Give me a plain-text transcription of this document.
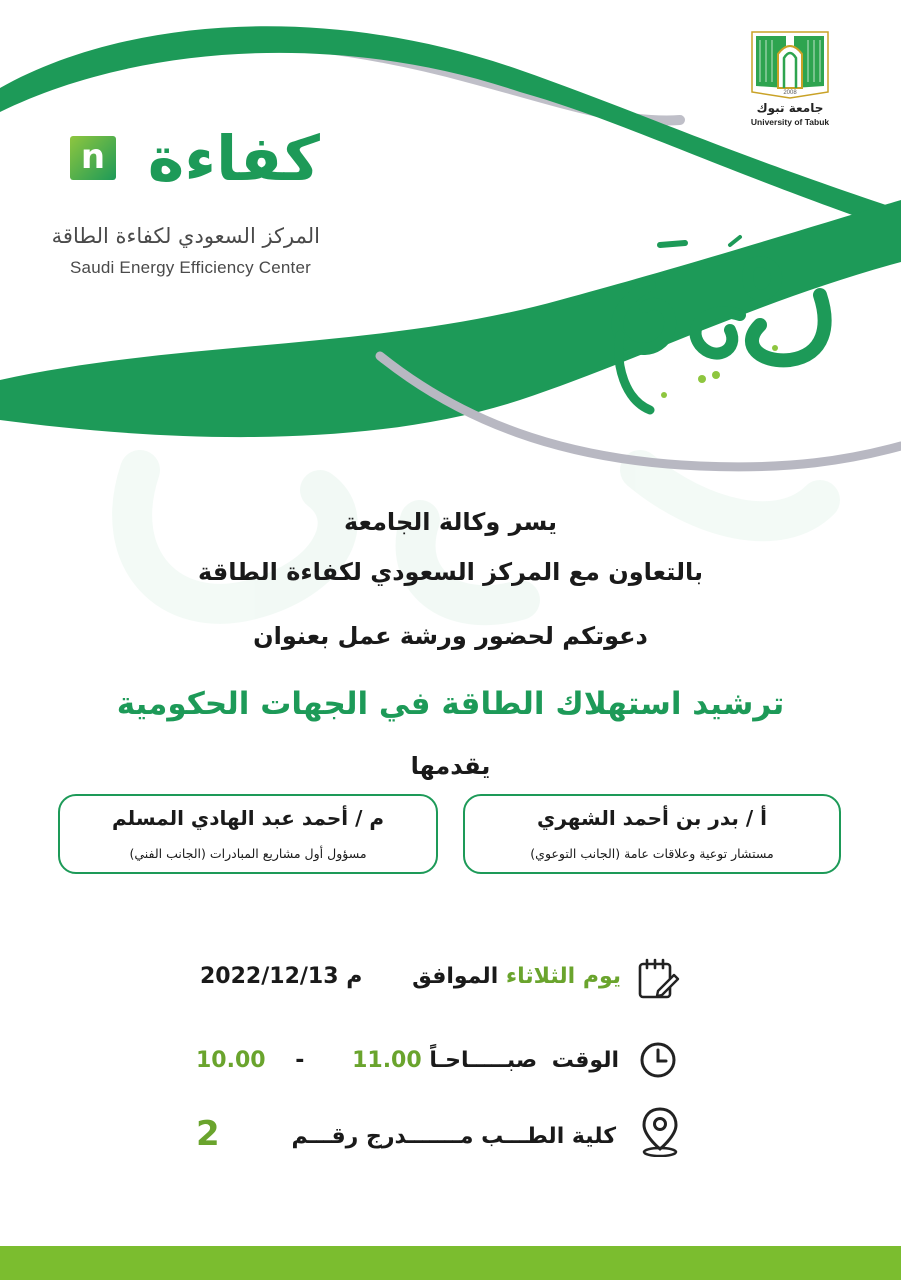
n كفاءة
المركز السعودي لكفاءة الطاقة
Saudi Energy Efficiency Center
2008
جامعة تبوك
University of Tabuk
يسر وكالة الجامعة
بالتعاون مع المركز السعودي لكفاءة الطاقة
دعوتكم لحضور ورشة عمل بعنوان
ترشيد استهلاك الطاقة في الجهات الحكومية
يقدمها
أ / بدر بن أحمد الشهري
مستشار توعية وعلاقات عامة (الجانب التوعوي)
م / أحمد عبد الهادي المسلم
مسؤول أول مشاريع المبادرات (الجانب الفني)
يوم الثلاثاء الموافق
م 2022/12/13
الوقت
صبـــــاحـاً 11.00 - 10.00
كلية الطـــب مـــــــدرج رقـــم
2
